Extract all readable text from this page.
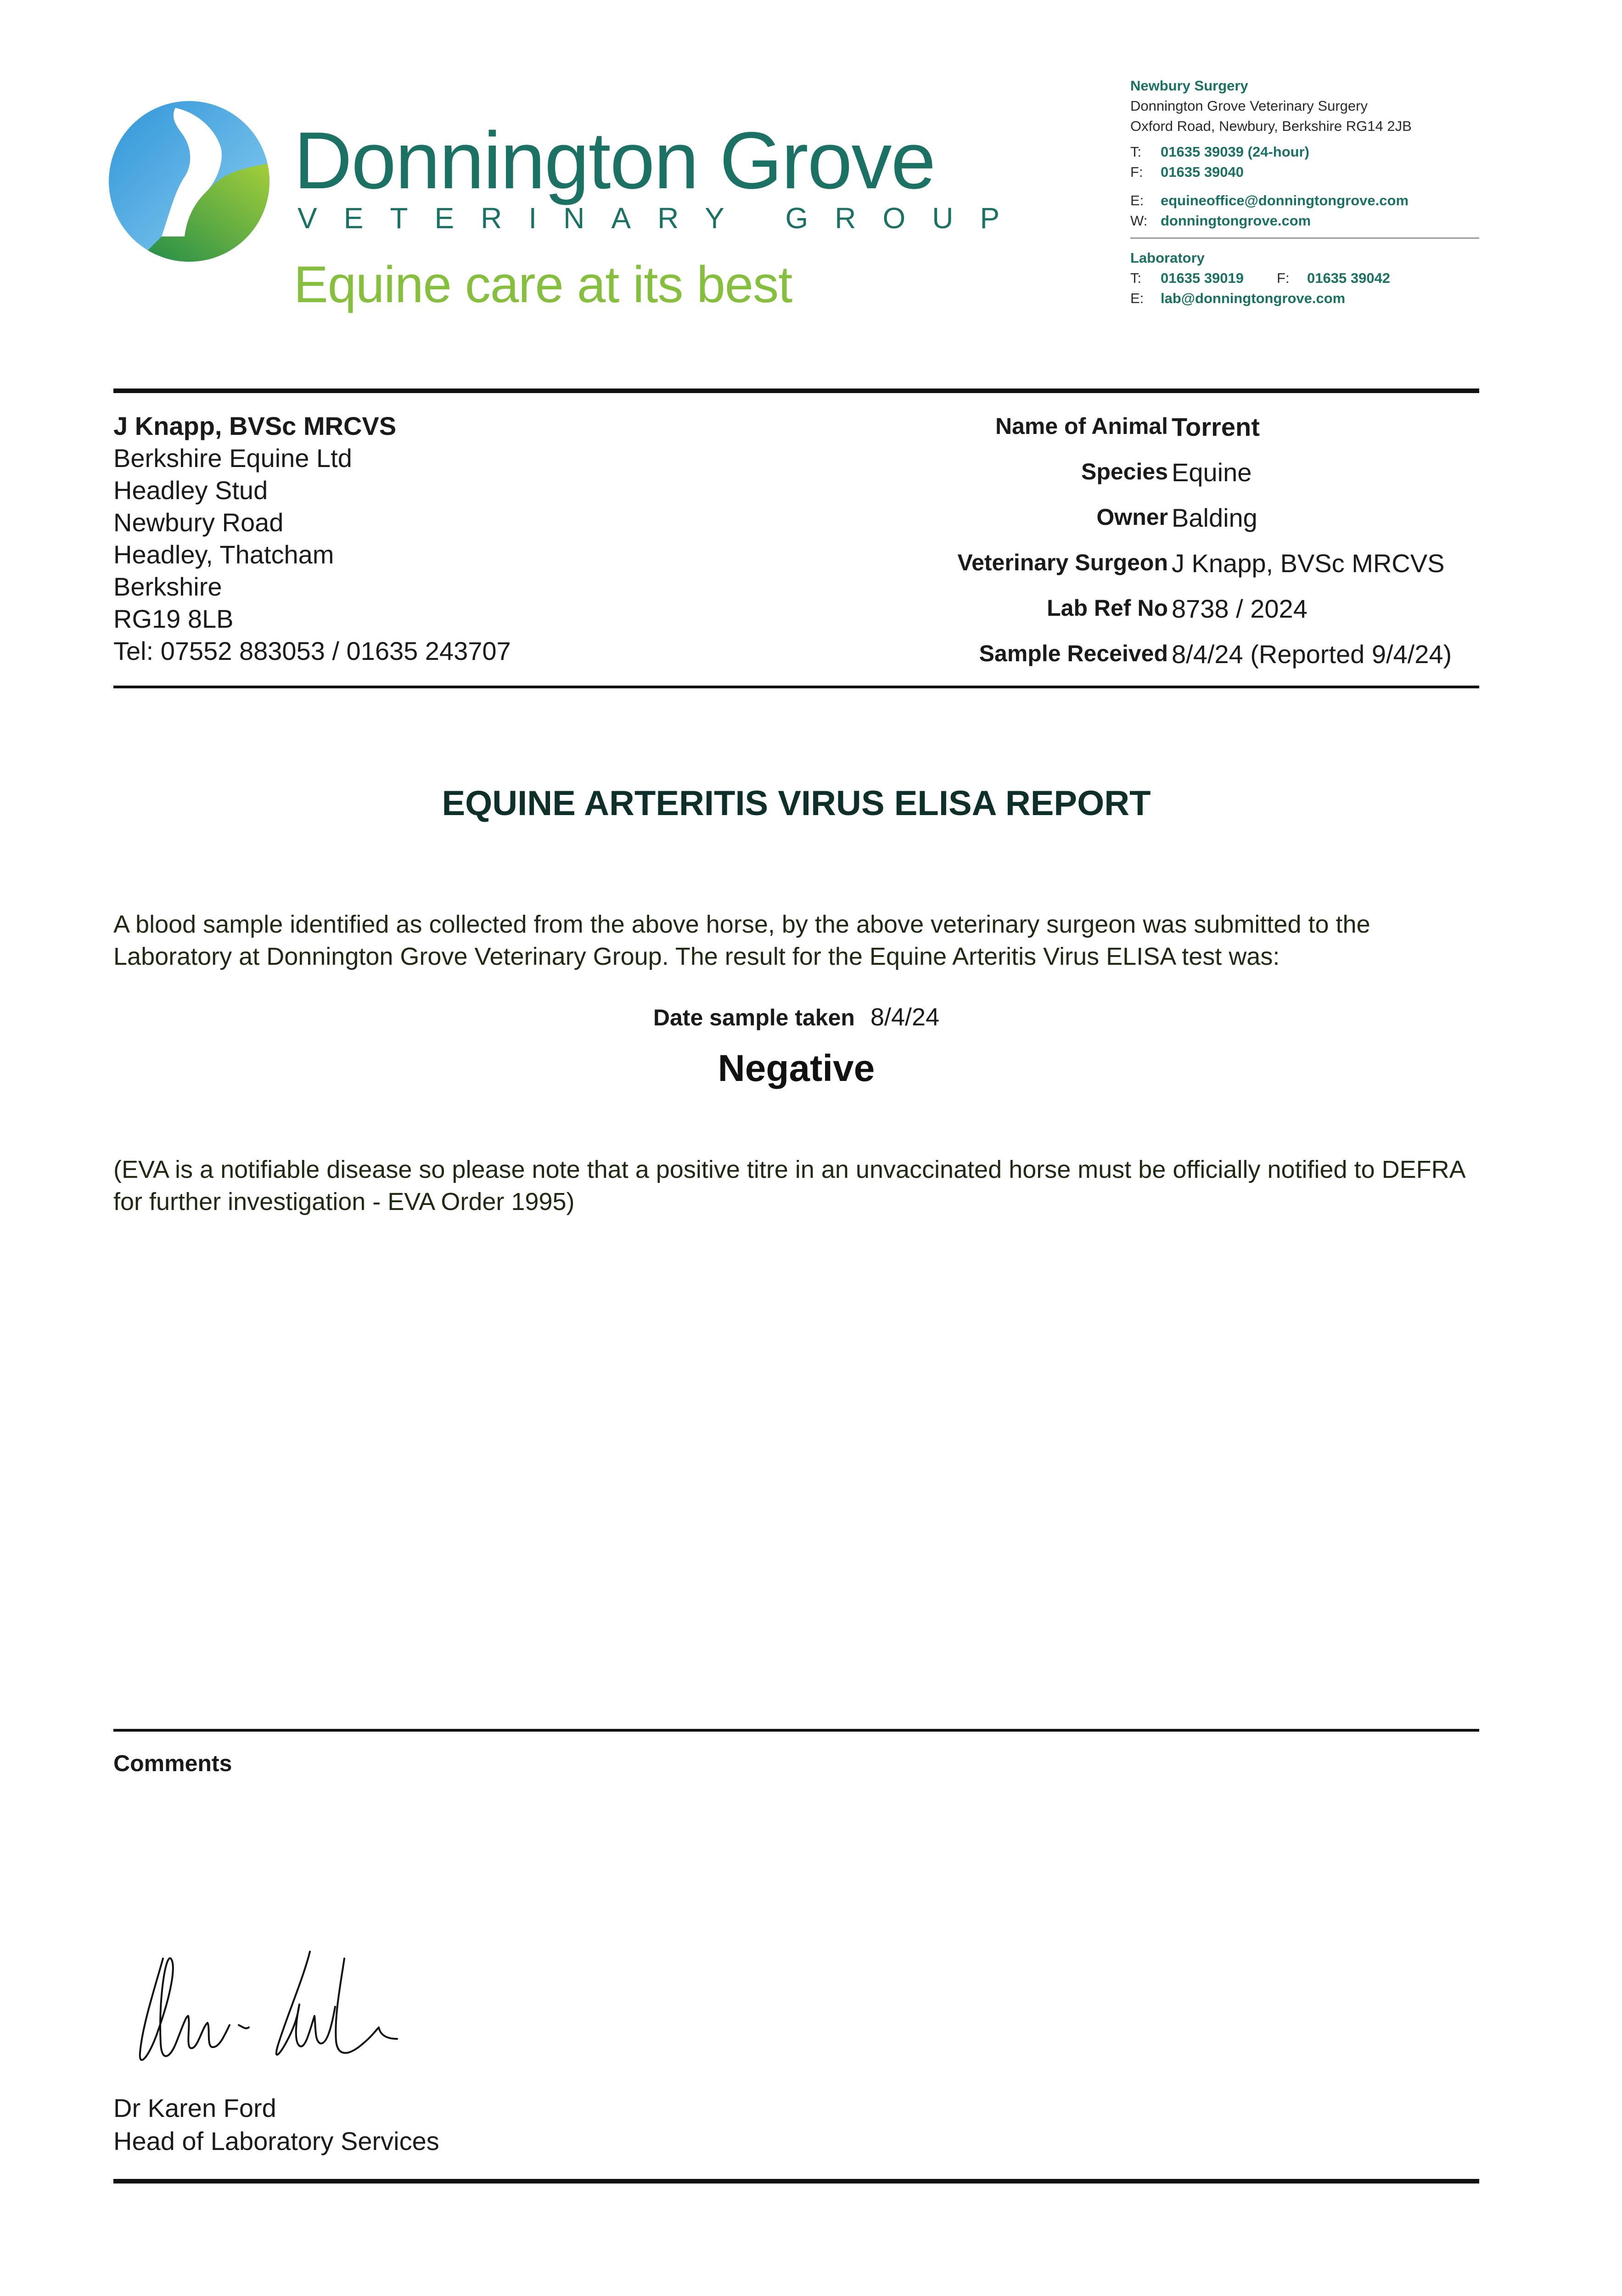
Donnington Grove
VETERINARY GROUP
Equine care at its best
Newbury Surgery
Donnington Grove Veterinary Surgery
Oxford Road, Newbury, Berkshire RG14 2JB
T: 01635 39039 (24-hour)
F: 01635 39040
E: equineoffice@donningtongrove.com
W: donningtongrove.com
Laboratory
T: 01635 39019 F: 01635 39042
E: lab@donningtongrove.com
J Knapp, BVSc MRCVS
Berkshire Equine Ltd
Headley Stud
Newbury Road
Headley, Thatcham
Berkshire
RG19 8LB
Tel: 07552 883053 / 01635 243707
Name of Animal Torrent
Species Equine
Owner Balding
Veterinary Surgeon J Knapp, BVSc MRCVS
Lab Ref No 8738 / 2024
Sample Received 8/4/24 (Reported 9/4/24)
EQUINE ARTERITIS VIRUS ELISA REPORT
A blood sample identified as collected from the above horse, by the above veterinary surgeon was submitted to the Laboratory at Donnington Grove Veterinary Group. The result for the Equine Arteritis Virus ELISA test was:
Date sample taken 8/4/24
Negative
(EVA is a notifiable disease so please note that a positive titre in an unvaccinated horse must be officially notified to DEFRA for further investigation - EVA Order 1995)
Comments
Dr Karen Ford
Head of Laboratory Services
